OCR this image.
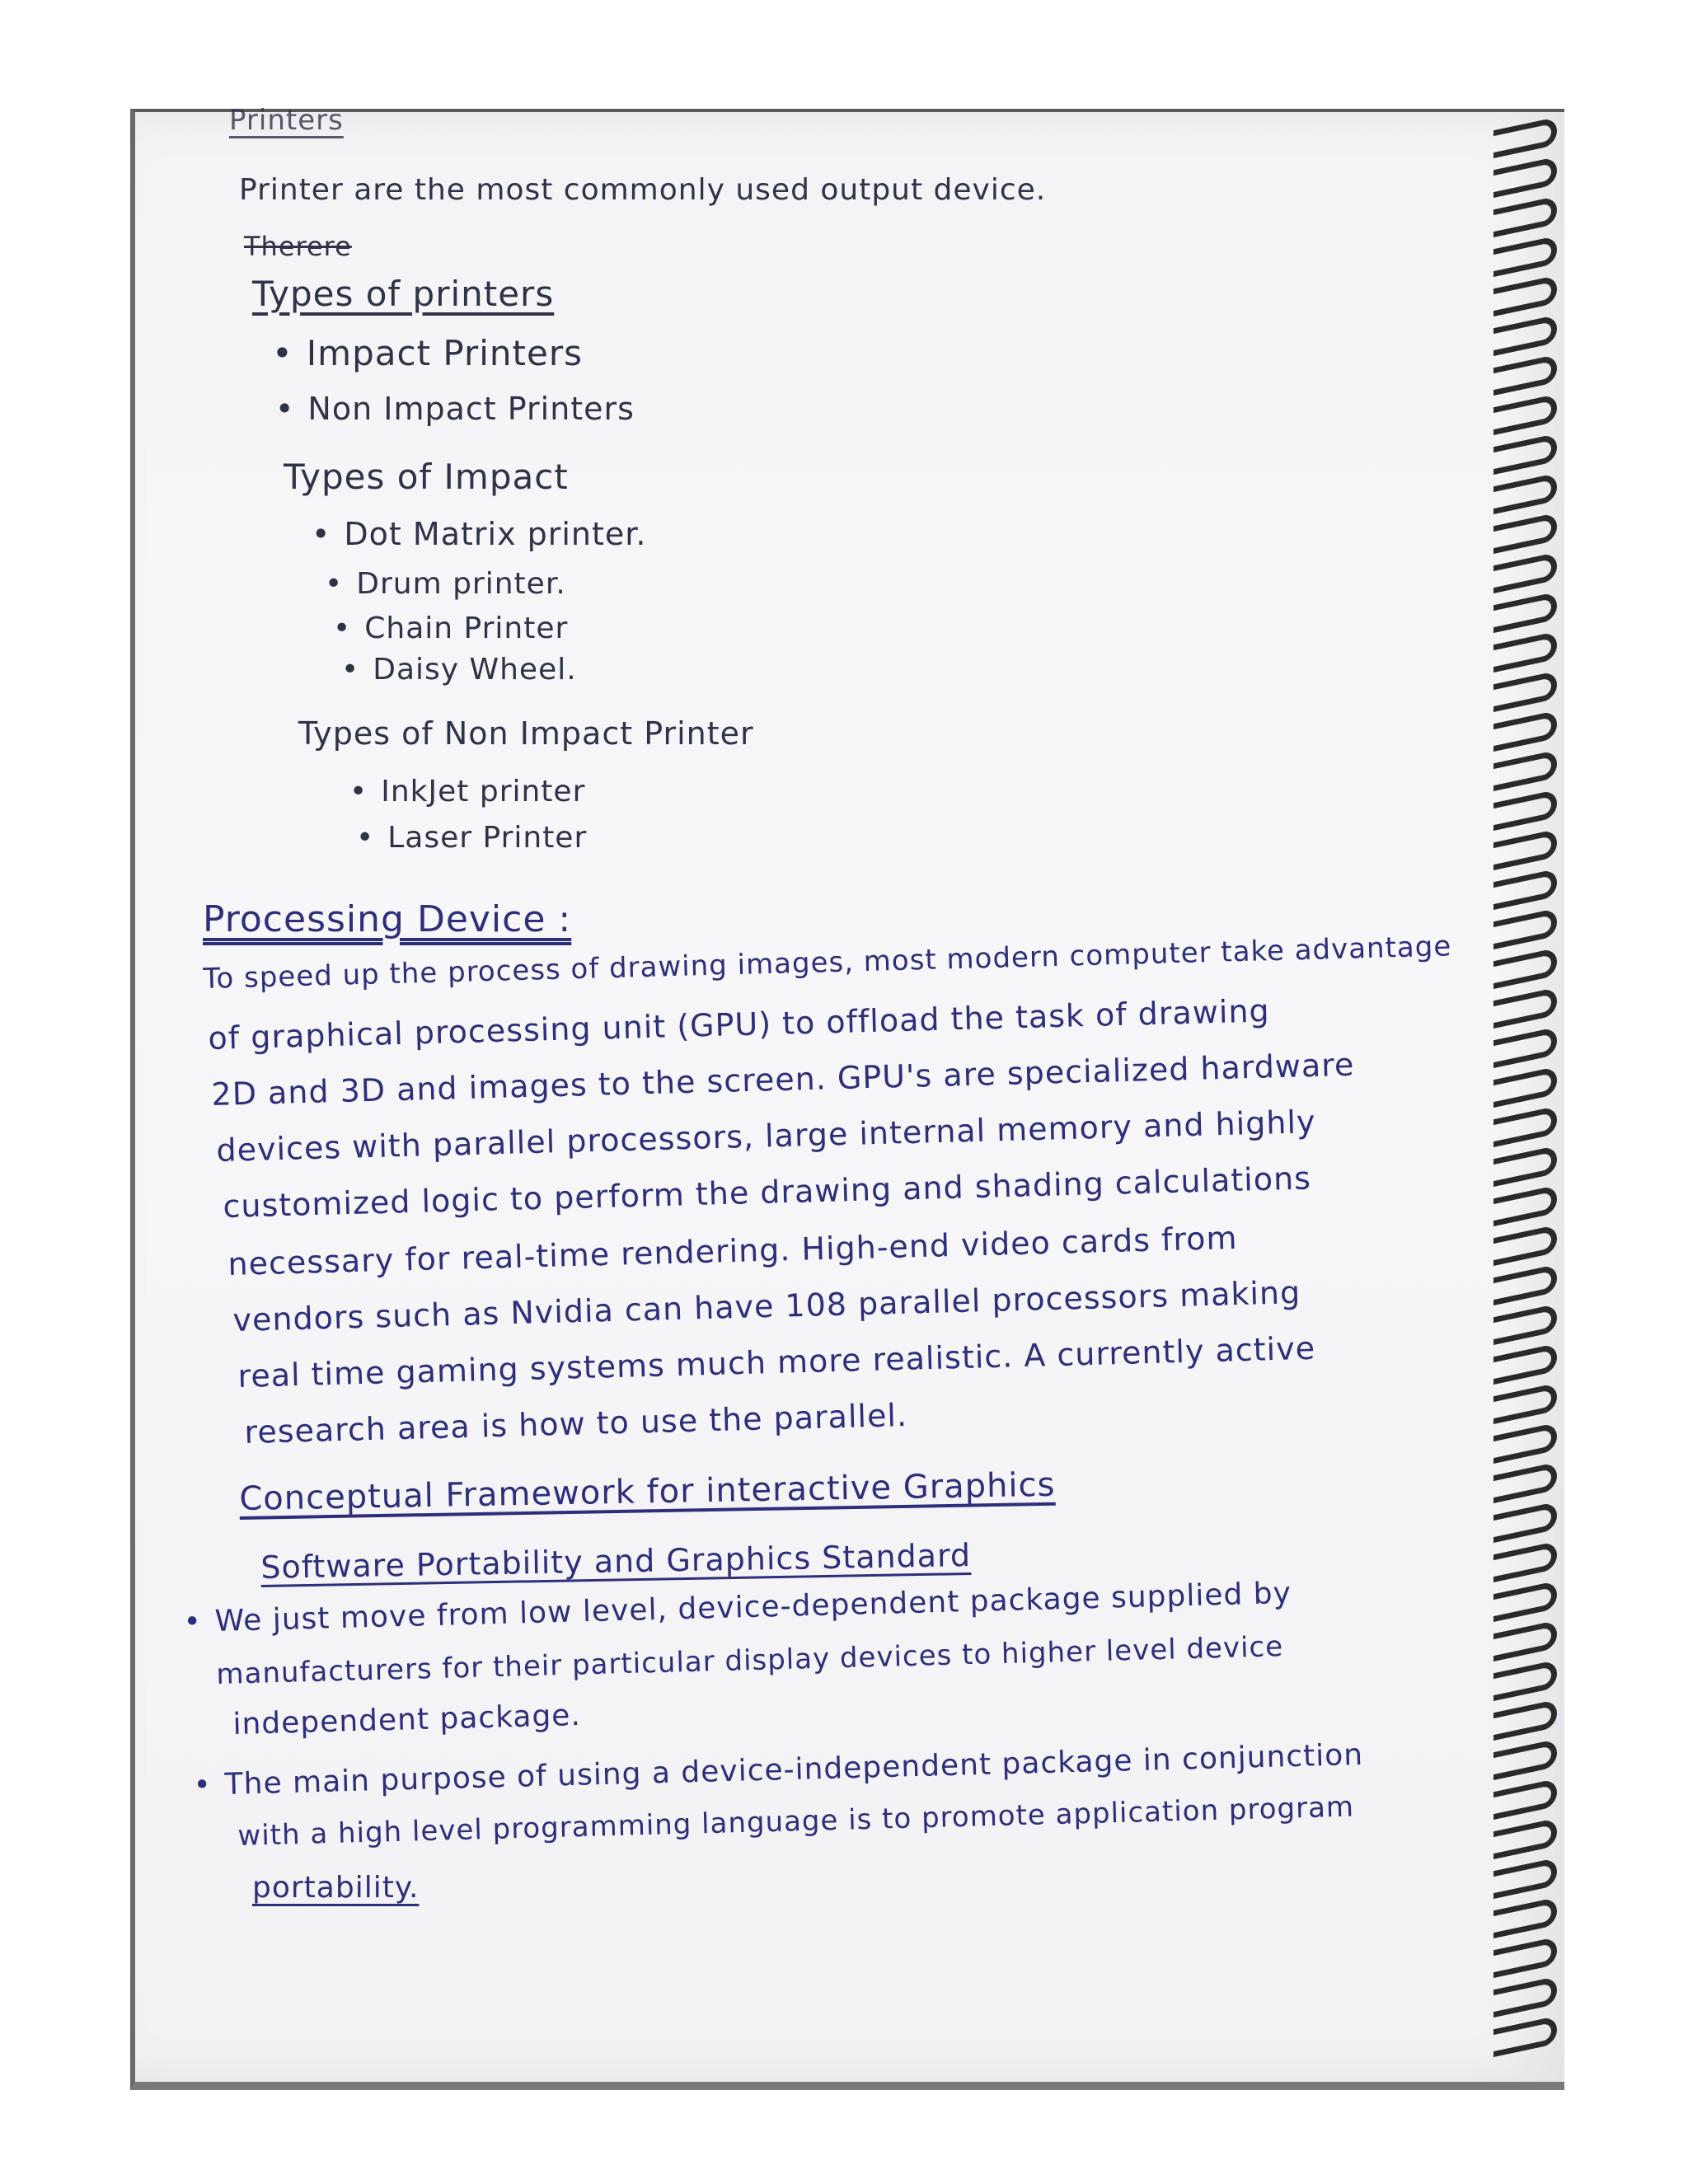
Printers
Printer are the most commonly used output device.
Therere
Types of printers
• Impact Printers
• Non Impact Printers
Types of Impact
• Dot Matrix printer.
• Drum printer.
• Chain Printer
• Daisy Wheel.
Types of Non Impact Printer
• InkJet printer
• Laser Printer
Processing Device :
To speed up the process of drawing images, most modern computer take advantage
of graphical processing unit (GPU) to offload the task of drawing
2D and 3D and images to the screen. GPU's are specialized hardware
devices with parallel processors, large internal memory and highly
customized logic to perform the drawing and shading calculations
necessary for real-time rendering. High-end video cards from
vendors such as Nvidia can have 108 parallel processors making
real time gaming systems much more realistic. A currently active
research area is how to use the parallel.
Conceptual Framework for interactive Graphics
Software Portability and Graphics Standard
• We just move from low level, device-dependent package supplied by
manufacturers for their particular display devices to higher level device
independent package.
• The main purpose of using a device-independent package in conjunction
with a high level programming language is to promote application program
portability.
